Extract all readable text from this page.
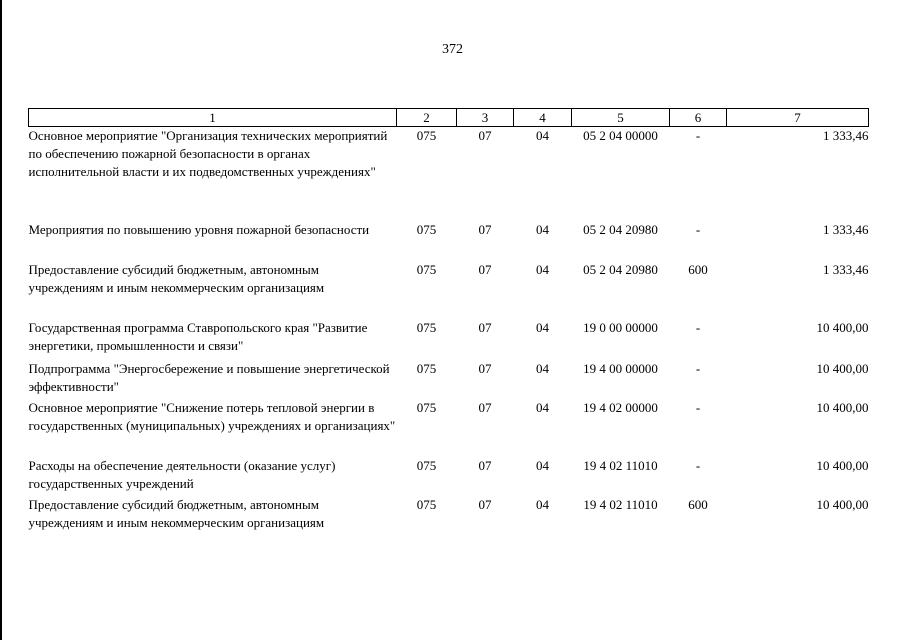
372
1	2	3	4	5	6	7
Основное мероприятие "Организация технических мероприятий по обеспечению пожарной безопасности в органах исполнительной власти и их подведомственных учреждениях"	075	07	04	05 2 04 00000	-	1 333,46
Мероприятия по повышению уровня пожарной безопасности	075	07	04	05 2 04 20980	-	1 333,46
Предоставление субсидий бюджетным, автономным учреждениям и иным некоммерческим организациям	075	07	04	05 2 04 20980	600	1 333,46
Государственная программа Ставропольского края "Развитие энергетики, промышленности и связи"	075	07	04	19 0 00 00000	-	10 400,00
Подпрограмма "Энергосбережение и повышение энергетической эффективности"	075	07	04	19 4 00 00000	-	10 400,00
Основное мероприятие "Снижение потерь тепловой энергии в государственных (муниципальных) учреждениях и организациях"	075	07	04	19 4 02 00000	-	10 400,00
Расходы на обеспечение деятельности (оказание услуг) государственных учреждений	075	07	04	19 4 02 11010	-	10 400,00
Предоставление субсидий бюджетным, автономным учреждениям и иным некоммерческим организациям	075	07	04	19 4 02 11010	600	10 400,00
